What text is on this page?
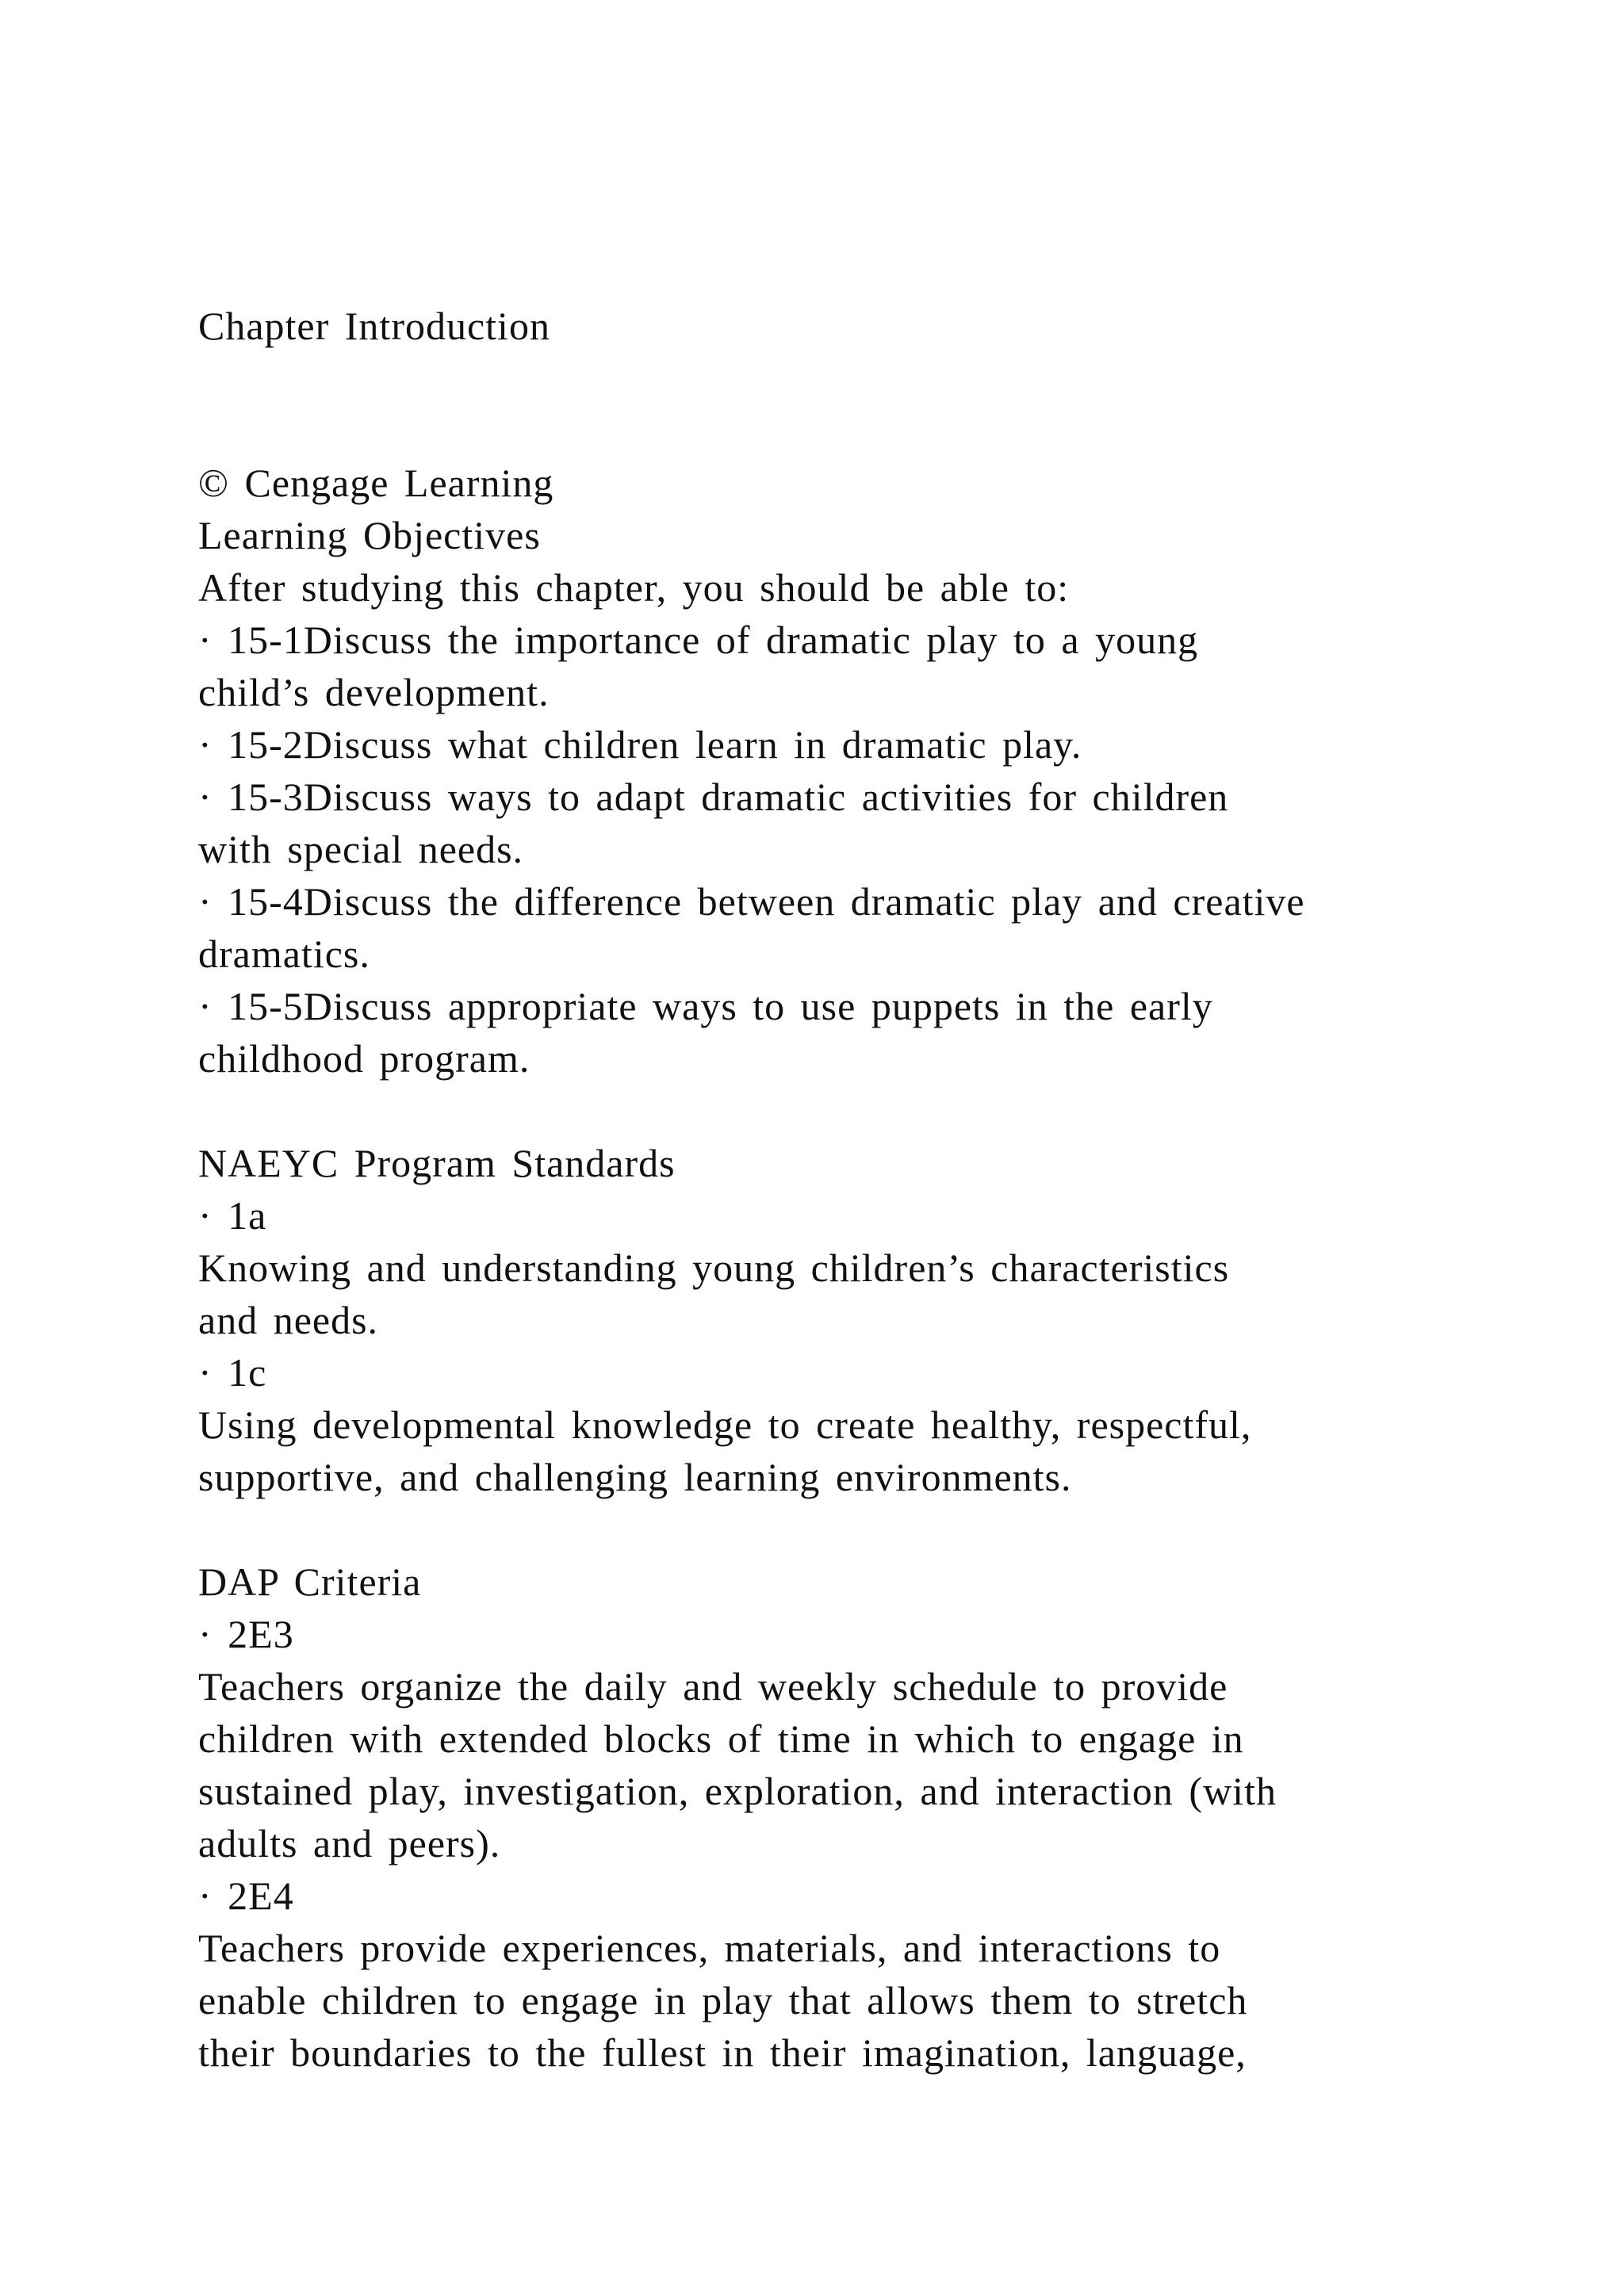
Chapter Introduction
© Cengage Learning
Learning Objectives
After studying this chapter, you should be able to:
· 15-1Discuss the importance of dramatic play to a young
child’s development.
· 15-2Discuss what children learn in dramatic play.
· 15-3Discuss ways to adapt dramatic activities for children
with special needs.
· 15-4Discuss the difference between dramatic play and creative
dramatics.
· 15-5Discuss appropriate ways to use puppets in the early
childhood program.
NAEYC Program Standards
· 1a
Knowing and understanding young children’s characteristics
and needs.
· 1c
Using developmental knowledge to create healthy, respectful,
supportive, and challenging learning environments.
DAP Criteria
· 2E3
Teachers organize the daily and weekly schedule to provide
children with extended blocks of time in which to engage in
sustained play, investigation, exploration, and interaction (with
adults and peers).
· 2E4
Teachers provide experiences, materials, and interactions to
enable children to engage in play that allows them to stretch
their boundaries to the fullest in their imagination, language,
